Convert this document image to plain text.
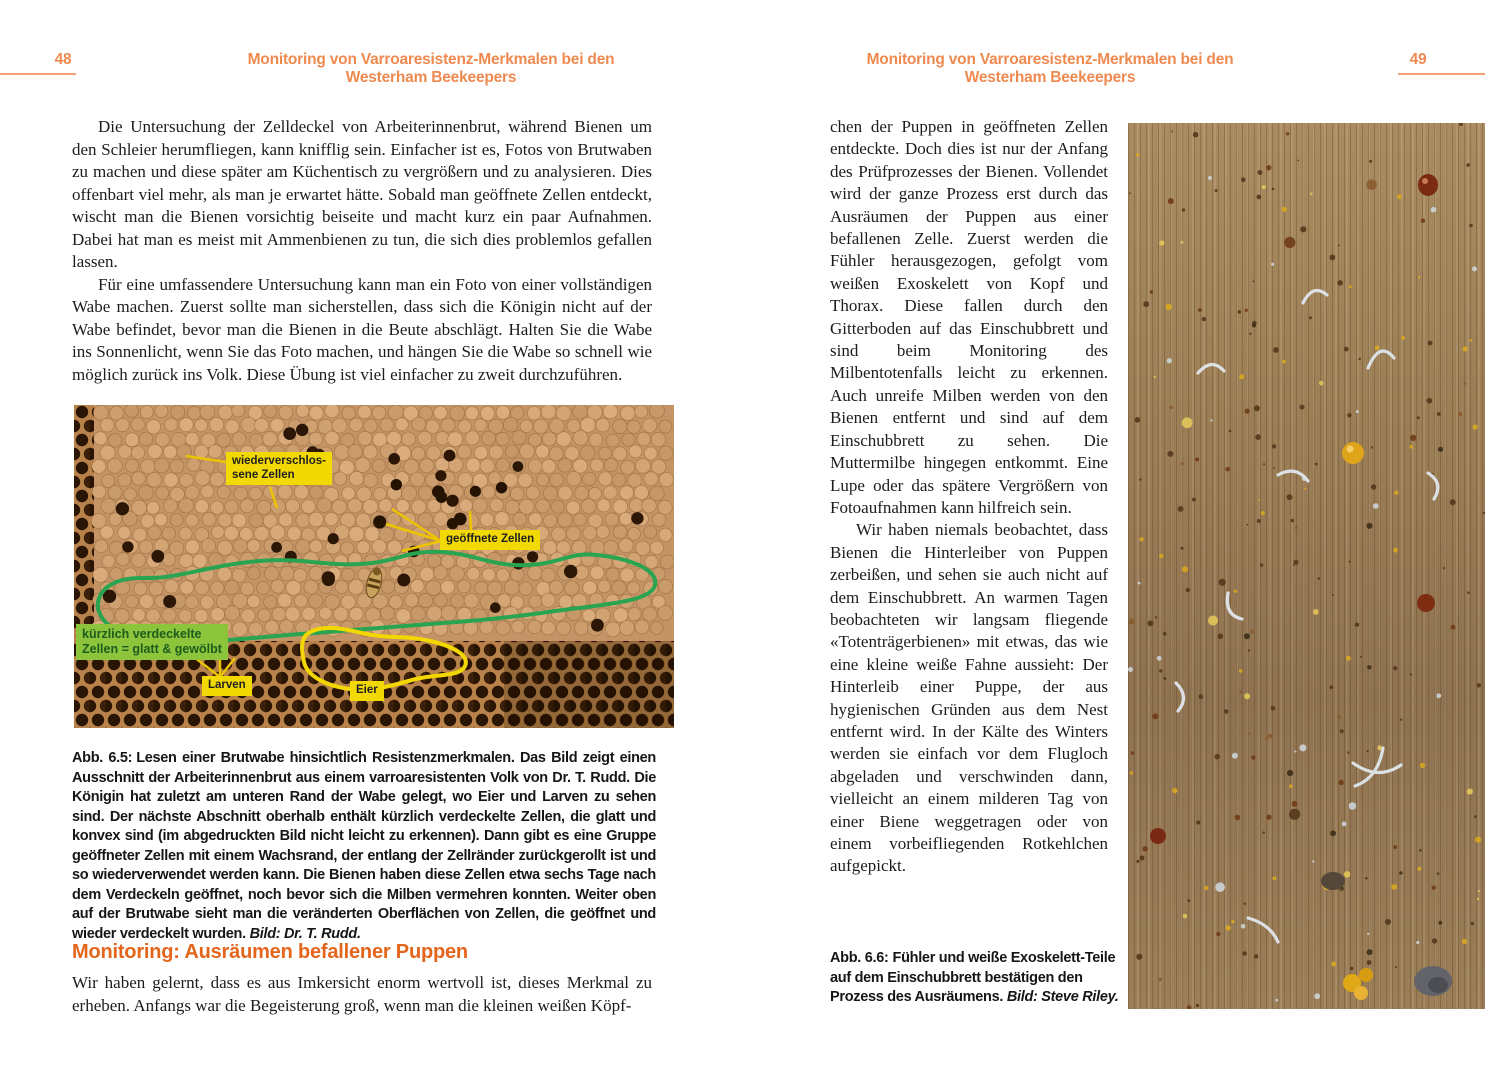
48	Monitoring von Varroaresistenz-Merkmalen bei den Westerham Beekeepers
Monitoring von Varroaresistenz-Merkmalen bei den Westerham Beekeepers
49

Die Untersuchung der Zelldeckel von Arbeiterinnenbrut, während Bienen um den Schleier herumfliegen, kann knifflig sein. Einfacher ist es, Fotos von Brutwaben zu machen und diese später am Küchentisch zu vergrößern und zu analysieren. Dies offenbart viel mehr, als man je erwartet hätte. Sobald man geöffnete Zellen entdeckt, wischt man die Bienen vorsichtig beiseite und macht kurz ein paar Aufnahmen. Dabei hat man es meist mit Ammenbienen zu tun, die sich dies problemlos gefallen lassen.

Für eine umfassendere Untersuchung kann man ein Foto von einer vollständigen Wabe machen. Zuerst sollte man sicherstellen, dass sich die Königin nicht auf der Wabe befindet, bevor man die Bienen in die Beute abschlägt. Halten Sie die Wabe ins Sonnenlicht, wenn Sie das Foto machen, und hängen Sie die Wabe so schnell wie möglich zurück ins Volk. Diese Übung ist viel einfacher zu zweit durchzuführen.

wiederverschlos-
sene Zellen
geöffnete Zellen
kürzlich verdeckelte
Zellen = glatt & gewölbt
Larven	Eier
Abb. 6.5: Lesen einer Brutwabe hinsichtlich Resistenzmerkmalen. Das Bild zeigt einen Ausschnitt der Arbeiterinnenbrut aus einem varroaresistenten Volk von Dr. T. Rudd. Die Königin hat zuletzt am unteren Rand der Wabe gelegt, wo Eier und Larven zu sehen sind. Der nächste Abschnitt oberhalb enthält kürzlich verdeckelte Zellen, die glatt und konvex sind (im abgedruckten Bild nicht leicht zu erkennen). Dann gibt es eine Gruppe geöffneter Zellen mit einem Wachsrand, der entlang der Zellränder zurückgerollt ist und so wiederverwendet werden kann. Die Bienen haben diese Zellen etwa sechs Tage nach dem Verdeckeln geöffnet, noch bevor sich die Milben vermehren konnten. Weiter oben auf der Brutwabe sieht man die veränderten Oberflächen von Zellen, die geöffnet und wieder verdeckelt wurden. Bild: Dr. T. Rudd.
Monitoring: Ausräumen befallener Puppen

Wir haben gelernt, dass es aus Imkersicht enorm wertvoll ist, dieses Merkmal zu erheben. Anfangs war die Begeisterung groß, wenn man die kleinen weißen Köpf-

chen der Puppen in geöffneten Zellen entdeckte. Doch dies ist nur der Anfang des Prüfprozesses der Bienen. Vollendet wird der ganze Prozess erst durch das Ausräumen der Puppen aus einer befallenen Zelle. Zuerst werden die Fühler herausgezogen, gefolgt vom weißen Exoskelett von Kopf und Thorax. Diese fallen durch den Gitterboden auf das Einschubbrett und sind beim Monitoring des Milbentotenfalls leicht zu erkennen. Auch unreife Milben werden von den Bienen entfernt und sind auf dem Einschubbrett zu sehen. Die Muttermilbe hingegen entkommt. Eine Lupe oder das spätere Vergrößern von Fotoaufnahmen kann hilfreich sein.

Wir haben niemals beobachtet, dass Bienen die Hinterleiber von Puppen zerbeißen, und sehen sie auch nicht auf dem Einschubbrett. An warmen Tagen beobachteten wir langsam fliegende «Totenträgerbienen» mit etwas, das wie eine kleine weiße Fahne aussieht: Der Hinterleib einer Puppe, der aus hygienischen Gründen aus dem Nest entfernt wird. In der Kälte des Winters werden sie einfach vor dem Flugloch abgeladen und verschwinden dann, vielleicht an einem milderen Tag von einer Biene weggetragen oder von einem vorbeifliegenden Rotkehlchen aufgepickt.

Abb. 6.6: Fühler und weiße Exoskelett-Teile auf dem Einschubbrett bestätigen den Prozess des Ausräumens. Bild: Steve Riley.
